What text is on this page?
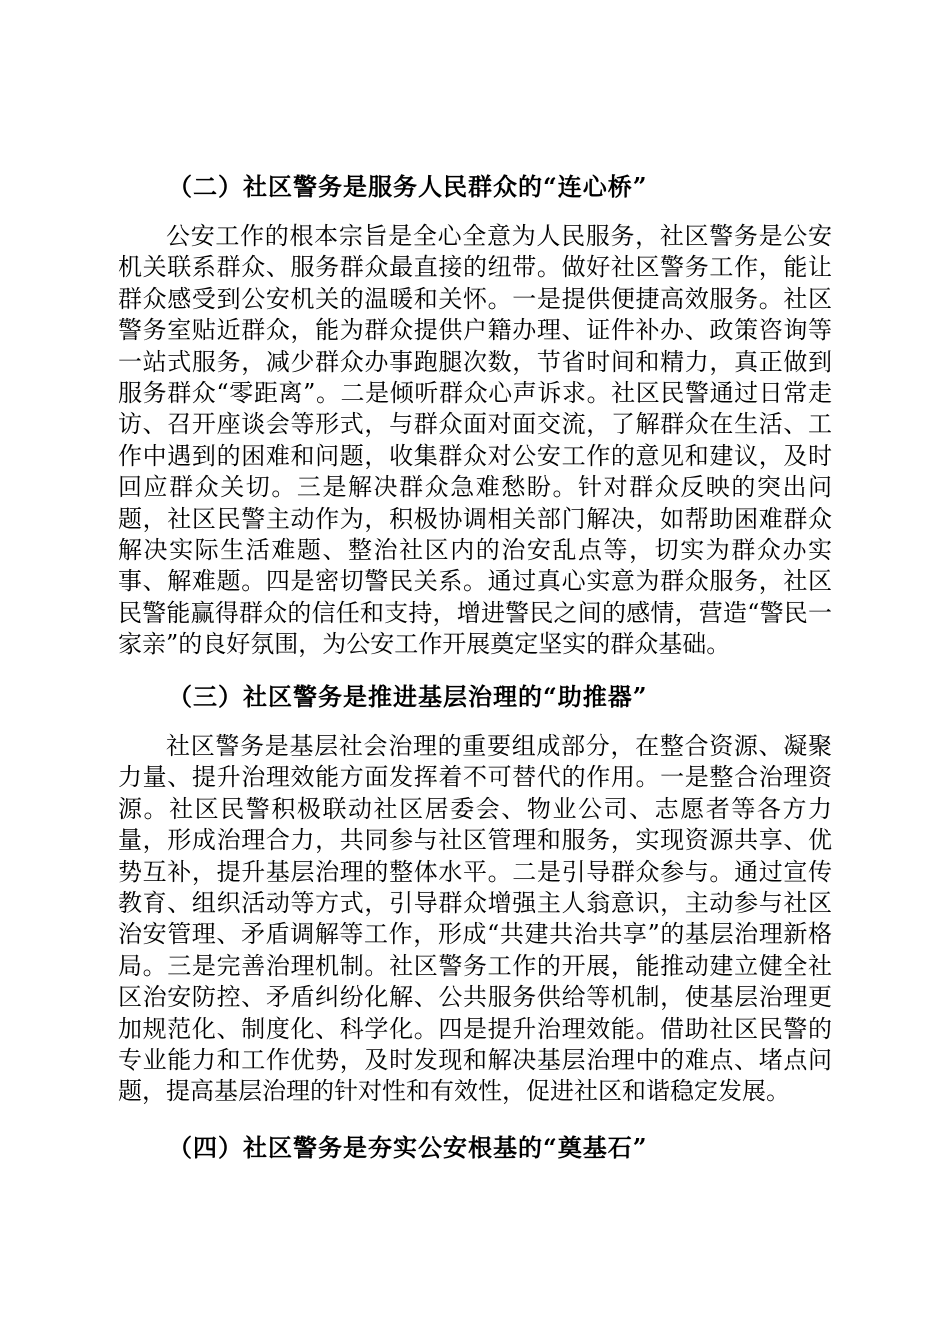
（二）社区警务是服务人民群众的“连心桥”

公安工作的根本宗旨是全心全意为人民服务，社区警务是公安机关联系群众、服务群众最直接的纽带。做好社区警务工作，能让群众感受到公安机关的温暖和关怀。一是提供便捷高效服务。社区警务室贴近群众，能为群众提供户籍办理、证件补办、政策咨询等一站式服务，减少群众办事跑腿次数，节省时间和精力，真正做到服务群众“零距离”。二是倾听群众心声诉求。社区民警通过日常走访、召开座谈会等形式，与群众面对面交流，了解群众在生活、工作中遇到的困难和问题，收集群众对公安工作的意见和建议，及时回应群众关切。三是解决群众急难愁盼。针对群众反映的突出问题，社区民警主动作为，积极协调相关部门解决，如帮助困难群众解决实际生活难题、整治社区内的治安乱点等，切实为群众办实事、解难题。四是密切警民关系。通过真心实意为群众服务，社区民警能赢得群众的信任和支持，增进警民之间的感情，营造“警民一家亲”的良好氛围，为公安工作开展奠定坚实的群众基础。

（三）社区警务是推进基层治理的“助推器”

社区警务是基层社会治理的重要组成部分，在整合资源、凝聚力量、提升治理效能方面发挥着不可替代的作用。一是整合治理资源。社区民警积极联动社区居委会、物业公司、志愿者等各方力量，形成治理合力，共同参与社区管理和服务，实现资源共享、优势互补，提升基层治理的整体水平。二是引导群众参与。通过宣传教育、组织活动等方式，引导群众增强主人翁意识，主动参与社区治安管理、矛盾调解等工作，形成“共建共治共享”的基层治理新格局。三是完善治理机制。社区警务工作的开展，能推动建立健全社区治安防控、矛盾纠纷化解、公共服务供给等机制，使基层治理更加规范化、制度化、科学化。四是提升治理效能。借助社区民警的专业能力和工作优势，及时发现和解决基层治理中的难点、堵点问题，提高基层治理的针对性和有效性，促进社区和谐稳定发展。

（四）社区警务是夯实公安根基的“奠基石”
